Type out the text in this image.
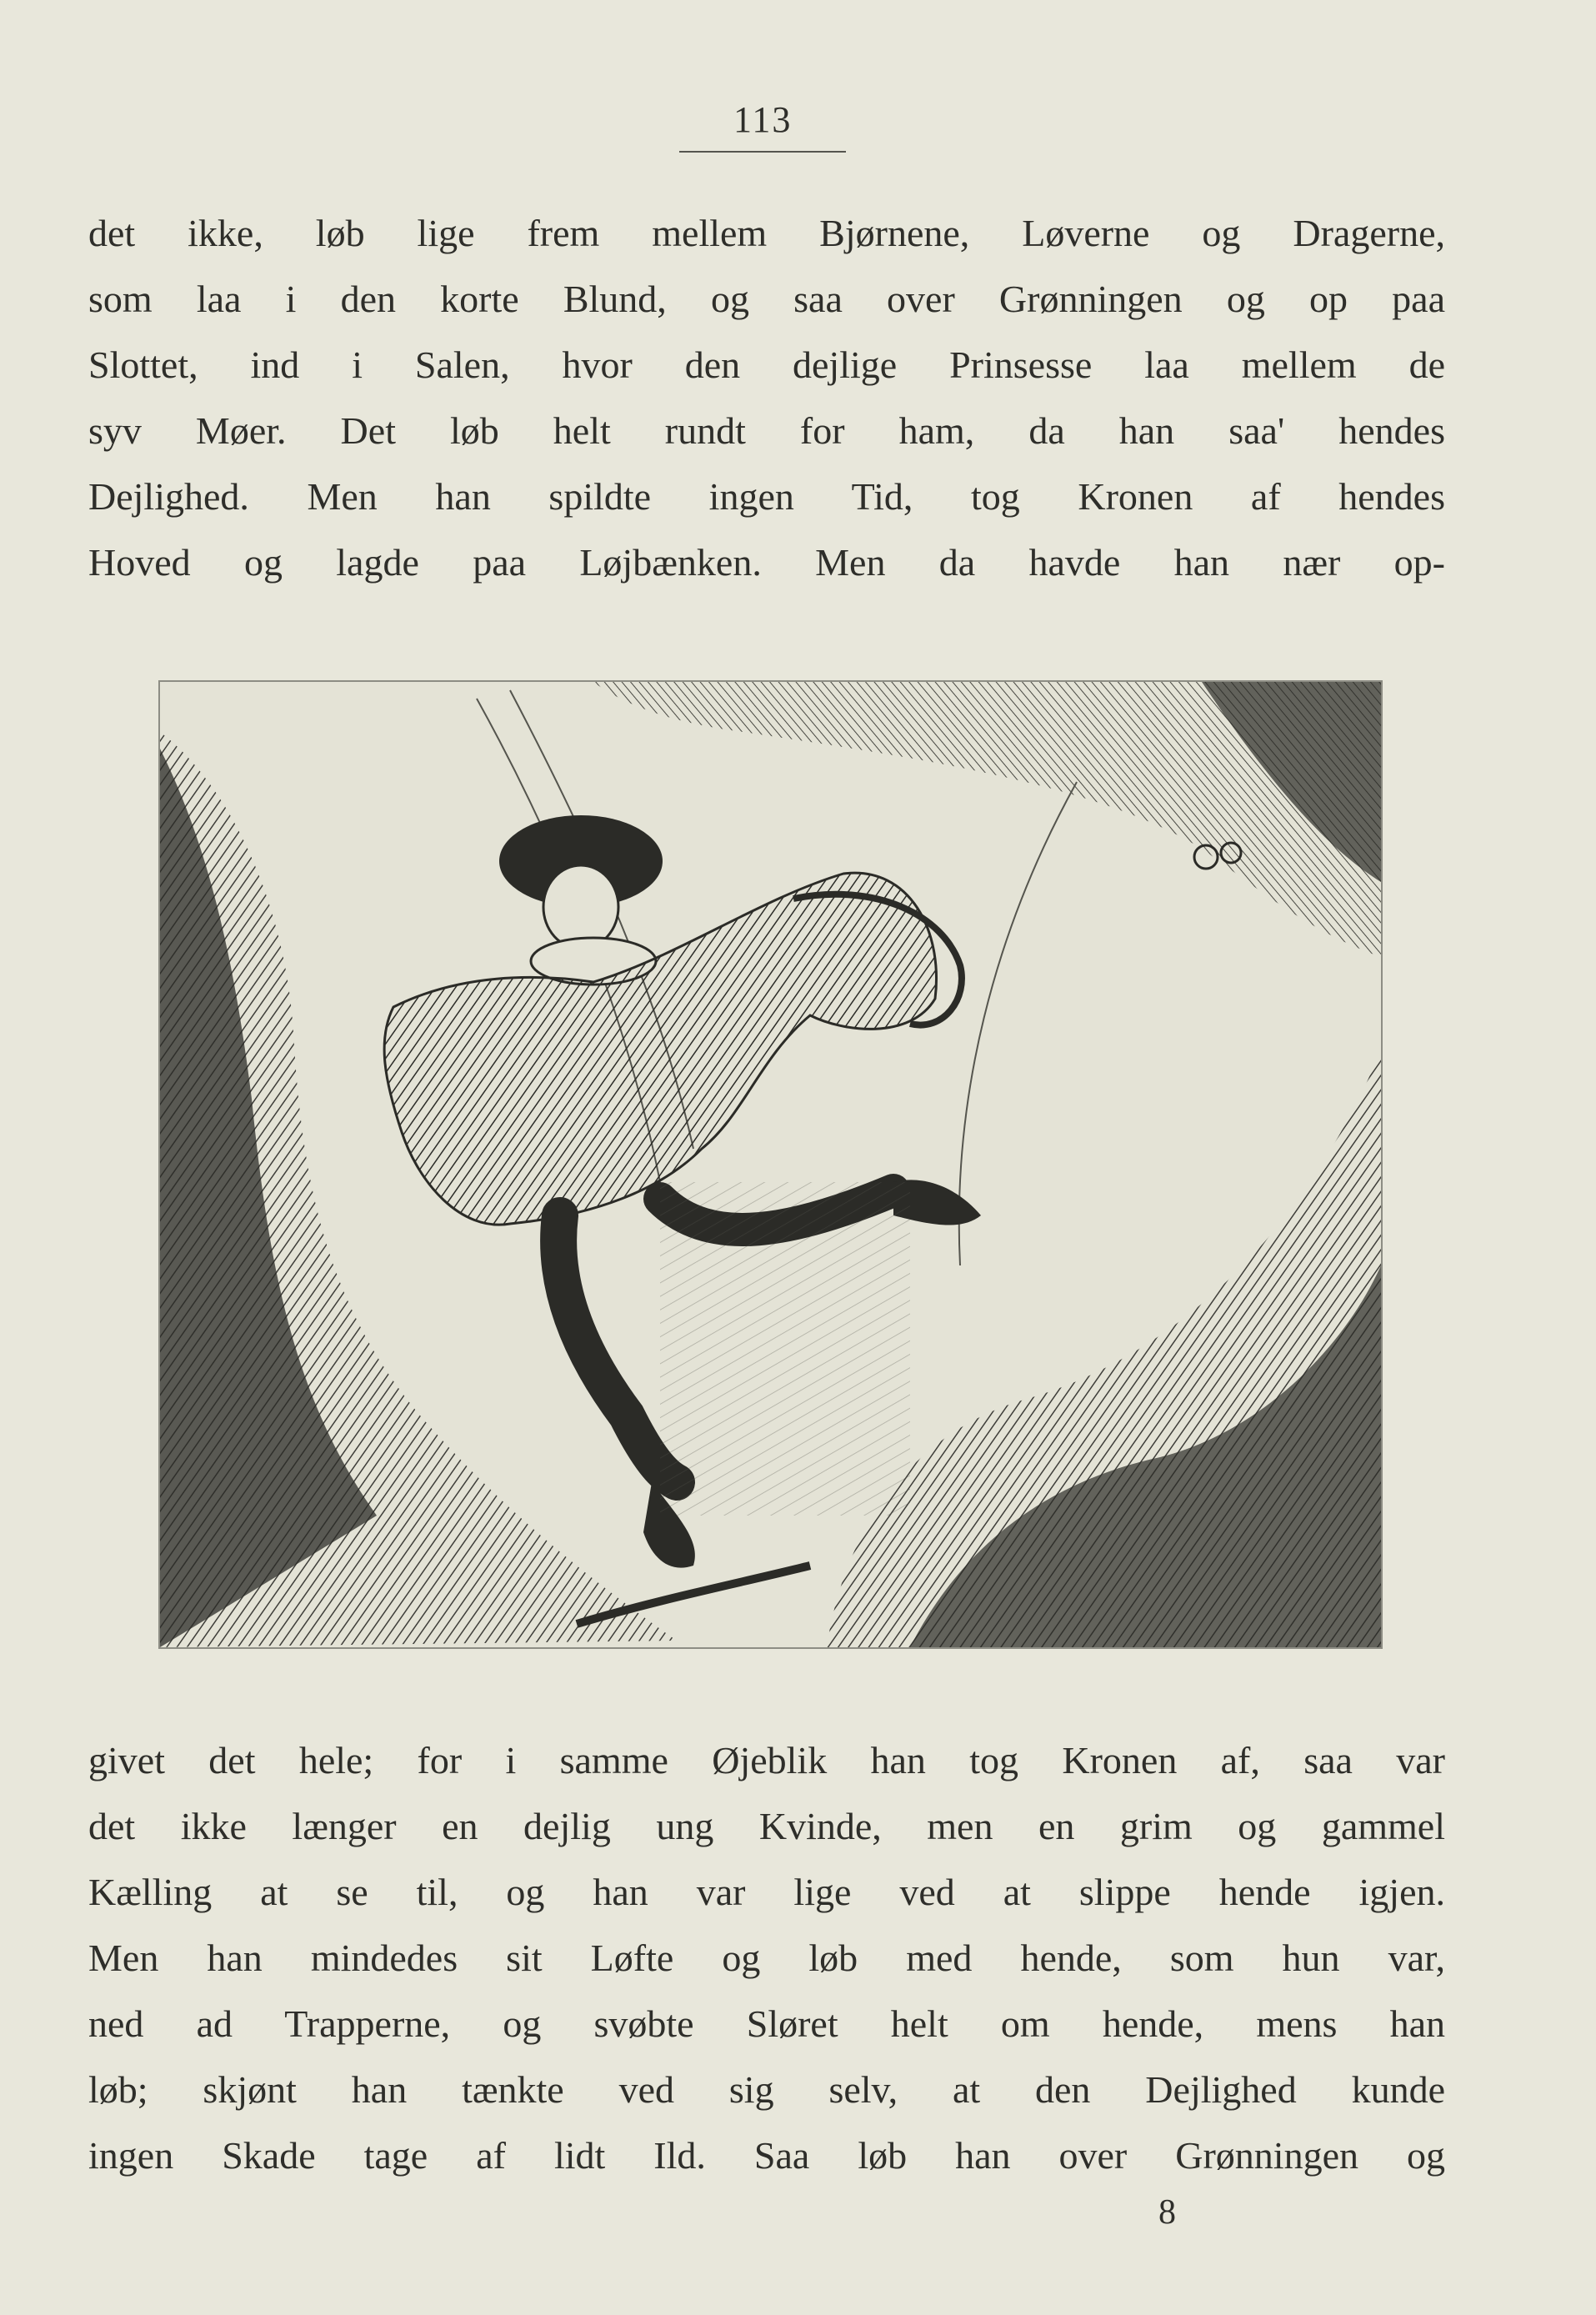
113
det ikke, løb lige frem mellem Bjørnene, Løverne og Dragerne,
som laa i den korte Blund, og saa over Grønningen og op paa
Slottet, ind i Salen, hvor den dejlige Prinsesse laa mellem de
syv Møer. Det løb helt rundt for ham, da han saa' hendes
Dejlighed. Men han spildte ingen Tid, tog Kronen af hendes
Hoved og lagde paa Løjbænken. Men da havde han nær op-
givet det hele; for i samme Øjeblik han tog Kronen af, saa var
det ikke længer en dejlig ung Kvinde, men en grim og gammel
Kælling at se til, og han var lige ved at slippe hende igjen.
Men han mindedes sit Løfte og løb med hende, som hun var,
ned ad Trapperne, og svøbte Sløret helt om hende, mens han
løb; skjønt han tænkte ved sig selv, at den Dejlighed kunde
ingen Skade tage af lidt Ild. Saa løb han over Grønningen og
8
